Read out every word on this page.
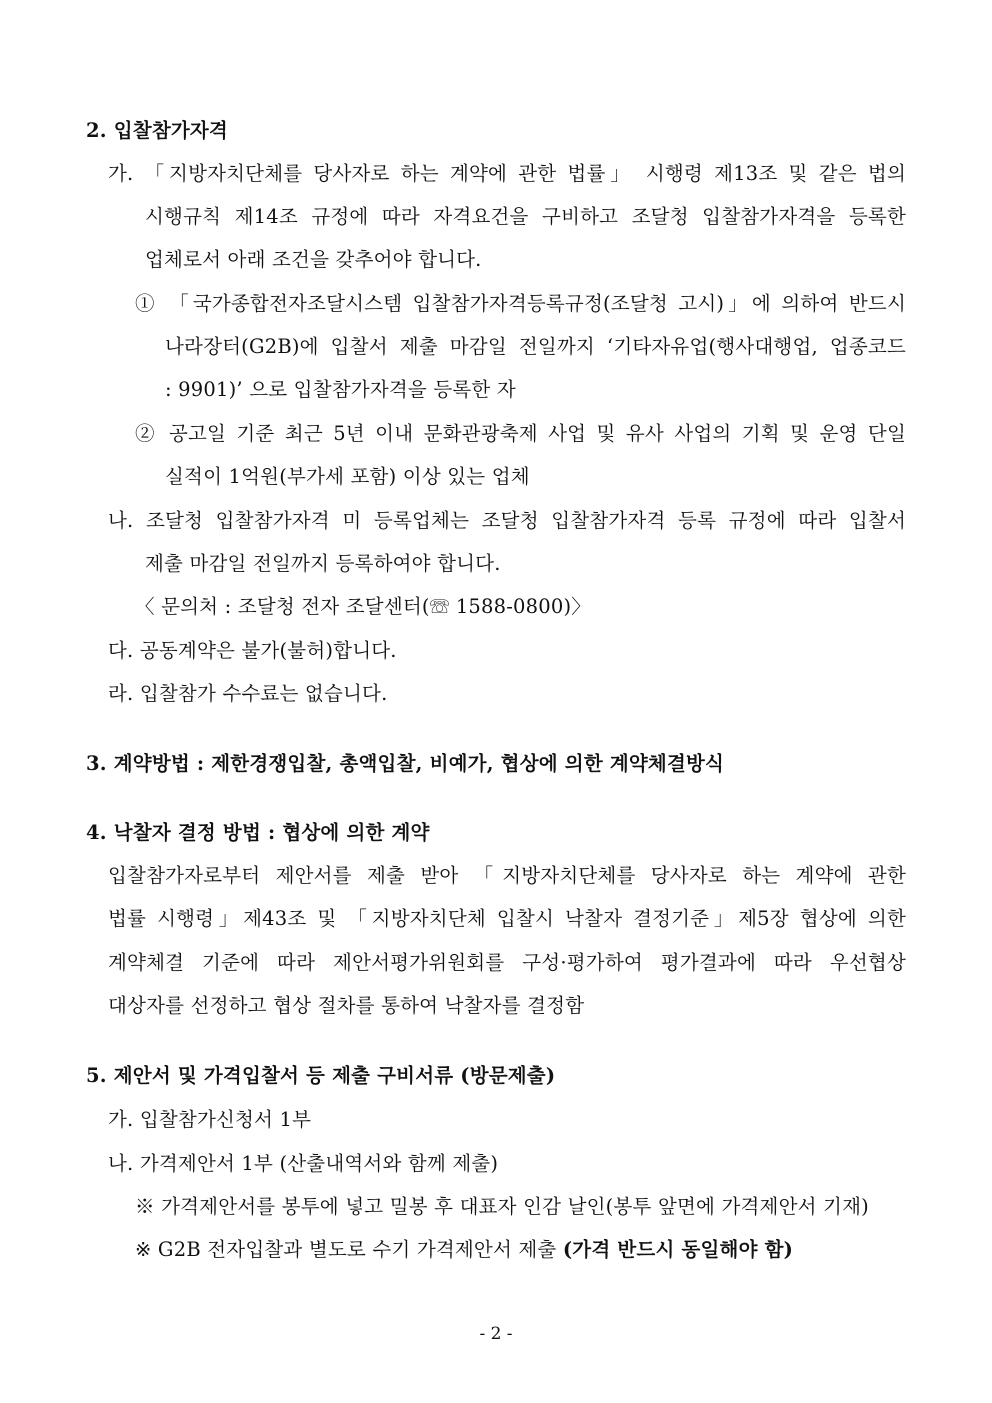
2. 입찰참가자격
가. 「지방자치단체를 당사자로 하는 계약에 관한 법률」 시행령 제13조 및 같은 법의
시행규칙 제14조 규정에 따라 자격요건을 구비하고 조달청 입찰참가자격을 등록한
업체로서 아래 조건을 갖추어야 합니다.
① 「국가종합전자조달시스템 입찰참가자격등록규정(조달청 고시)」에 의하여 반드시
나라장터(G2B)에 입찰서 제출 마감일 전일까지 ‘기타자유업(행사대행업, 업종코드
: 9901)’ 으로 입찰참가자격을 등록한 자
② 공고일 기준 최근 5년 이내 문화관광축제 사업 및 유사 사업의 기획 및 운영 단일
실적이 1억원(부가세 포함) 이상 있는 업체
나. 조달청 입찰참가자격 미 등록업체는 조달청 입찰참가자격 등록 규정에 따라 입찰서
제출 마감일 전일까지 등록하여야 합니다.
〈 문의처 : 조달청 전자 조달센터(☏ 1588-0800)〉
다. 공동계약은 불가(불허)합니다.
라. 입찰참가 수수료는 없습니다.
3. 계약방법 : 제한경쟁입찰, 총액입찰, 비예가, 협상에 의한 계약체결방식
4. 낙찰자 결정 방법 : 협상에 의한 계약
입찰참가자로부터 제안서를 제출 받아 「지방자치단체를 당사자로 하는 계약에 관한
법률 시행령」제43조 및 「지방자치단체 입찰시 낙찰자 결정기준」제5장 협상에 의한
계약체결 기준에 따라 제안서평가위원회를 구성·평가하여 평가결과에 따라 우선협상
대상자를 선정하고 협상 절차를 통하여 낙찰자를 결정함
5. 제안서 및 가격입찰서 등 제출 구비서류 (방문제출)
가. 입찰참가신청서 1부
나. 가격제안서 1부 (산출내역서와 함께 제출)
※ 가격제안서를 봉투에 넣고 밀봉 후 대표자 인감 날인(봉투 앞면에 가격제안서 기재)
※ G2B 전자입찰과 별도로 수기 가격제안서 제출 (가격 반드시 동일해야 함)
- 2 -
